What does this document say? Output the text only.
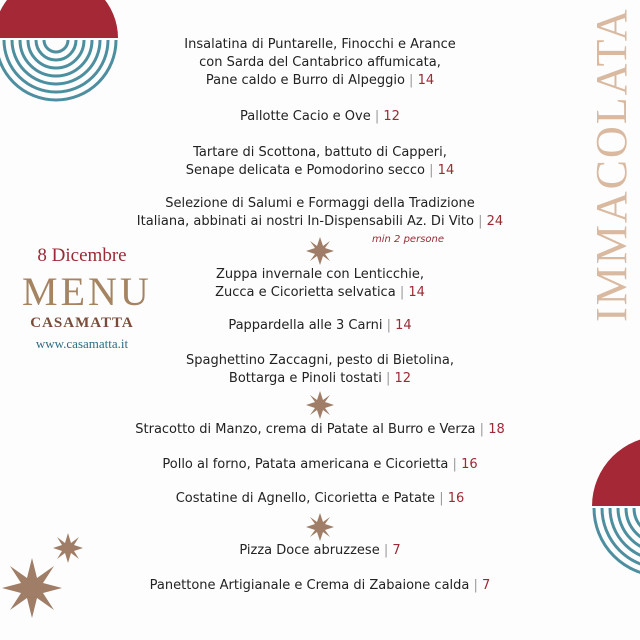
IMMACOLATA
8 Dicembre
MENU
CASAMATTA
www.casamatta.it
Insalatina di Puntarelle, Finocchi e Arance
con Sarda del Cantabrico affumicata,
Pane caldo e Burro di Alpeggio | 14
Pallotte Cacio e Ove | 12
Tartare di Scottona, battuto di Capperi,
Senape delicata e Pomodorino secco | 14
Selezione di Salumi e Formaggi della Tradizione
Italiana, abbinati ai nostri In-Dispensabili Az. Di Vito | 24
Zuppa invernale con Lenticchie,
Zucca e Cicorietta selvatica | 14
Pappardella alle 3 Carni | 14
Spaghettino Zaccagni, pesto di Bietolina,
Bottarga e Pinoli tostati | 12
Stracotto di Manzo, crema di Patate al Burro e Verza | 18
Pollo al forno, Patata americana e Cicorietta | 16
Costatine di Agnello, Cicorietta e Patate | 16
Pizza Doce abruzzese | 7
Panettone Artigianale e Crema di Zabaione calda | 7
min 2 persone
